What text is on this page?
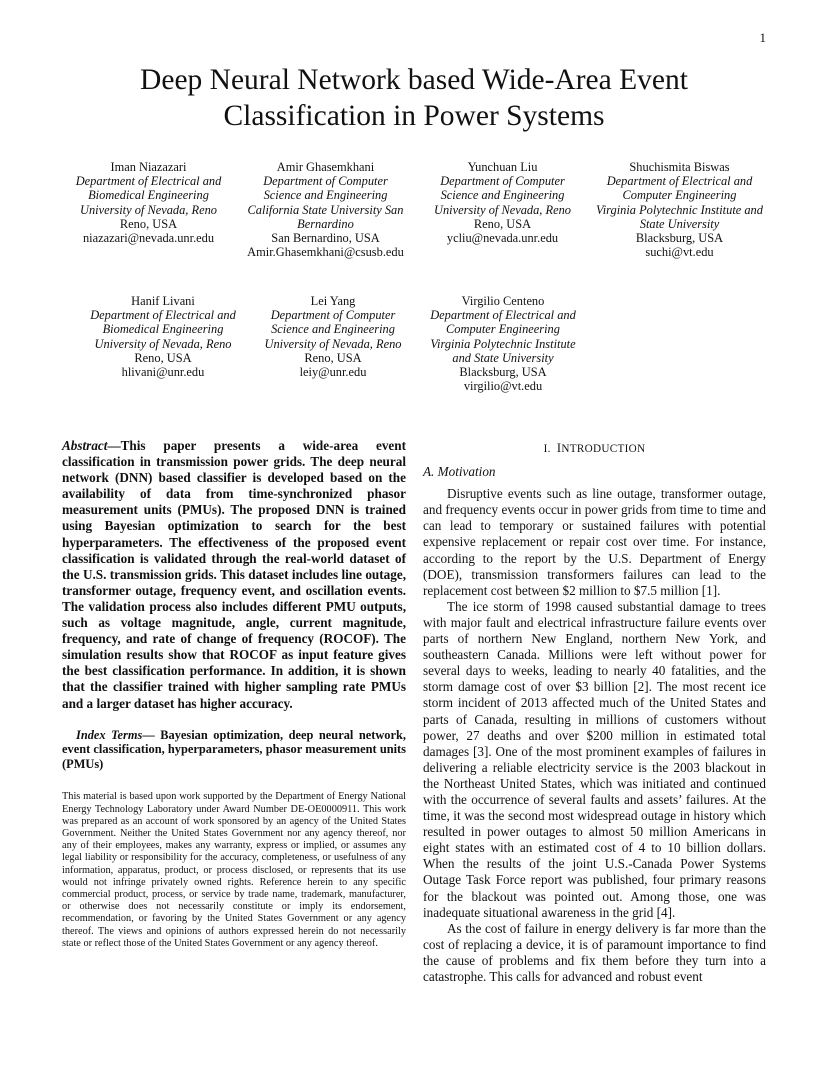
1
Deep Neural Network based Wide-Area Event
Classification in Power Systems
Iman Niazazari
Department of Electrical and
Biomedical Engineering
University of Nevada, Reno
Reno, USA
niazazari@nevada.unr.edu
Amir Ghasemkhani
Department of Computer
Science and Engineering
California State University San
Bernardino
San Bernardino, USA
Amir.Ghasemkhani@csusb.edu
Yunchuan Liu
Department of Computer
Science and Engineering
University of Nevada, Reno
Reno, USA
ycliu@nevada.unr.edu
Shuchismita Biswas
Department of Electrical and
Computer Engineering
Virginia Polytechnic Institute and
State University
Blacksburg, USA
suchi@vt.edu
Hanif Livani
Department of Electrical and
Biomedical Engineering
University of Nevada, Reno
Reno, USA
hlivani@unr.edu
Lei Yang
Department of Computer
Science and Engineering
University of Nevada, Reno
Reno, USA
leiy@unr.edu
Virgilio Centeno
Department of Electrical and
Computer Engineering
Virginia Polytechnic Institute
and State University
Blacksburg, USA
virgilio@vt.edu

Abstract—This paper presents a wide-area event classification in transmission power grids. The deep neural network (DNN) based classifier is developed based on the availability of data from time-synchronized phasor measurement units (PMUs). The proposed DNN is trained using Bayesian optimization to search for the best hyperparameters. The effectiveness of the proposed event classification is validated through the real-world dataset of the U.S. transmission grids. This dataset includes line outage, transformer outage, frequency event, and oscillation events. The validation process also includes different PMU outputs, such as voltage magnitude, angle, current magnitude, frequency, and rate of change of frequency (ROCOF). The simulation results show that ROCOF as input feature gives the best classification performance. In addition, it is shown that the classifier trained with higher sampling rate PMUs and a larger dataset has higher accuracy.

Index Terms— Bayesian optimization, deep neural network, event classification, hyperparameters, phasor measurement units (PMUs)

This material is based upon work supported by the Department of Energy National Energy Technology Laboratory under Award Number DE-OE0000911. This work was prepared as an account of work sponsored by an agency of the United States Government. Neither the United States Government nor any agency thereof, nor any of their employees, makes any warranty, express or implied, or assumes any legal liability or responsibility for the accuracy, completeness, or usefulness of any information, apparatus, product, or process disclosed, or represents that its use would not infringe privately owned rights. Reference herein to any specific commercial product, process, or service by trade name, trademark, manufacturer, or otherwise does not necessarily constitute or imply its endorsement, recommendation, or favoring by the United States Government or any agency thereof. The views and opinions of authors expressed herein do not necessarily state or reflect those of the United States Government or any agency thereof.

I. INTRODUCTION

A. Motivation

Disruptive events such as line outage, transformer outage, and frequency events occur in power grids from time to time and can lead to temporary or sustained failures with potential expensive replacement or repair cost over time. For instance, according to the report by the U.S. Department of Energy (DOE), transmission transformers failures can lead to the replacement cost between $2 million to $7.5 million [1].

The ice storm of 1998 caused substantial damage to trees with major fault and electrical infrastructure failure events over parts of northern New England, northern New York, and southeastern Canada. Millions were left without power for several days to weeks, leading to nearly 40 fatalities, and the storm damage cost of over $3 billion [2]. The most recent ice storm incident of 2013 affected much of the United States and parts of Canada, resulting in millions of customers without power, 27 deaths and over $200 million in estimated total damages [3]. One of the most prominent examples of failures in delivering a reliable electricity service is the 2003 blackout in the Northeast United States, which was initiated and continued with the occurrence of several faults and assets’ failures. At the time, it was the second most widespread outage in history which resulted in power outages to almost 50 million Americans in eight states with an estimated cost of 4 to 10 billion dollars. When the results of the joint U.S.-Canada Power Systems Outage Task Force report was published, four primary reasons for the blackout was pointed out. Among those, one was inadequate situational awareness in the grid [4].

As the cost of failure in energy delivery is far more than the cost of replacing a device, it is of paramount importance to find the cause of problems and fix them before they turn into a catastrophe. This calls for advanced and robust event
